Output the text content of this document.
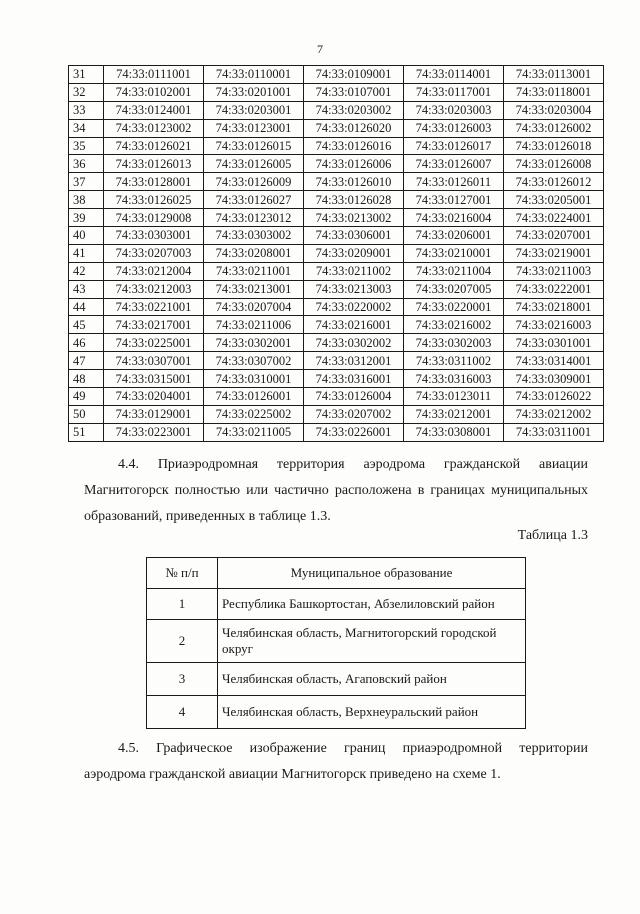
7
31	74:33:0111001	74:33:0110001	74:33:0109001	74:33:0114001	74:33:0113001
32	74:33:0102001	74:33:0201001	74:33:0107001	74:33:0117001	74:33:0118001
33	74:33:0124001	74:33:0203001	74:33:0203002	74:33:0203003	74:33:0203004
34	74:33:0123002	74:33:0123001	74:33:0126020	74:33:0126003	74:33:0126002
35	74:33:0126021	74:33:0126015	74:33:0126016	74:33:0126017	74:33:0126018
36	74:33:0126013	74:33:0126005	74:33:0126006	74:33:0126007	74:33:0126008
37	74:33:0128001	74:33:0126009	74:33:0126010	74:33:0126011	74:33:0126012
38	74:33:0126025	74:33:0126027	74:33:0126028	74:33:0127001	74:33:0205001
39	74:33:0129008	74:33:0123012	74:33:0213002	74:33:0216004	74:33:0224001
40	74:33:0303001	74:33:0303002	74:33:0306001	74:33:0206001	74:33:0207001
41	74:33:0207003	74:33:0208001	74:33:0209001	74:33:0210001	74:33:0219001
42	74:33:0212004	74:33:0211001	74:33:0211002	74:33:0211004	74:33:0211003
43	74:33:0212003	74:33:0213001	74:33:0213003	74:33:0207005	74:33:0222001
44	74:33:0221001	74:33:0207004	74:33:0220002	74:33:0220001	74:33:0218001
45	74:33:0217001	74:33:0211006	74:33:0216001	74:33:0216002	74:33:0216003
46	74:33:0225001	74:33:0302001	74:33:0302002	74:33:0302003	74:33:0301001
47	74:33:0307001	74:33:0307002	74:33:0312001	74:33:0311002	74:33:0314001
48	74:33:0315001	74:33:0310001	74:33:0316001	74:33:0316003	74:33:0309001
49	74:33:0204001	74:33:0126001	74:33:0126004	74:33:0123011	74:33:0126022
50	74:33:0129001	74:33:0225002	74:33:0207002	74:33:0212001	74:33:0212002
51	74:33:0223001	74:33:0211005	74:33:0226001	74:33:0308001	74:33:0311001

4.4. Приаэродромная территория аэродрома гражданской авиации

Магнитогорск полностью или частично расположена в границах муниципальных

образований, приведенных в таблице 1.3.

Таблица 1.3
№ п/п	Муниципальное образование
1	Республика Башкортостан, Абзелиловский район
2	Челябинская область, Магнитогорский городской округ
3	Челябинская область, Агаповский район
4	Челябинская область, Верхнеуральский район

4.5. Графическое изображение границ приаэродромной территории

аэродрома гражданской авиации Магнитогорск приведено на схеме 1.
